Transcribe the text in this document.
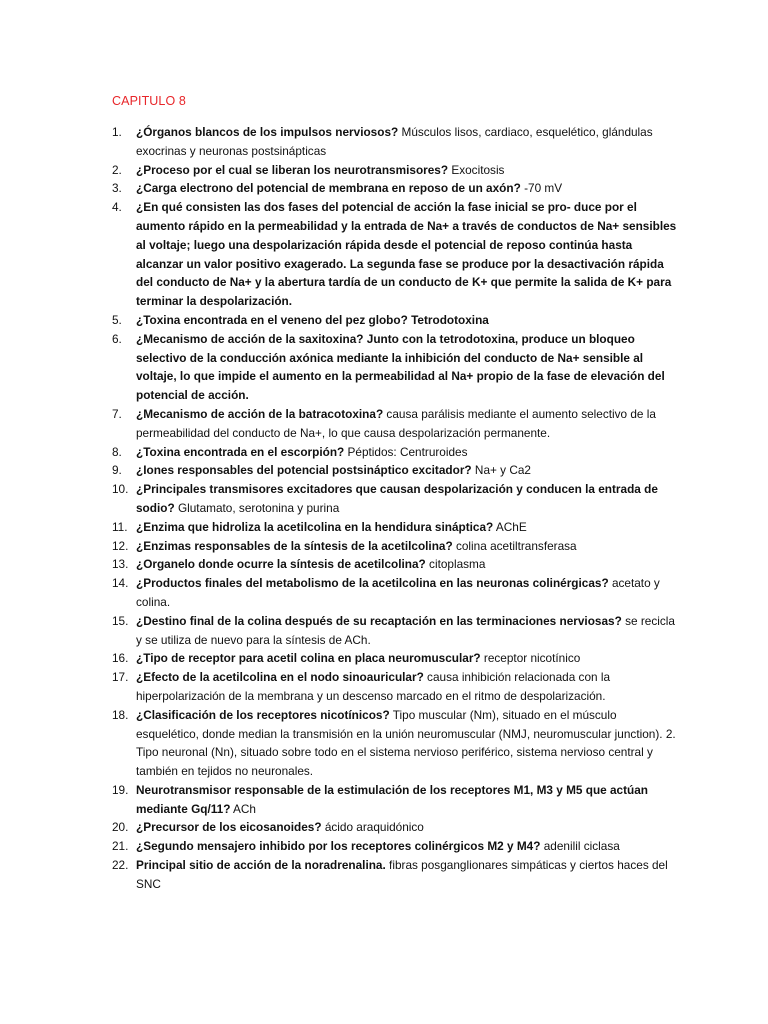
CAPITULO 8
1. ¿Órganos blancos de los impulsos nerviosos? Músculos lisos, cardiaco, esquelético, glándulas exocrinas y neuronas postsinápticas
2. ¿Proceso por el cual se liberan los neurotransmisores? Exocitosis
3. ¿Carga electrono del potencial de membrana en reposo de un axón? -70 mV
4. ¿En qué consisten las dos fases del potencial de acción la fase inicial se pro- duce por el aumento rápido en la permeabilidad y la entrada de Na+ a través de conductos de Na+ sensibles al voltaje; luego una despolarización rápida desde el potencial de reposo continúa hasta alcanzar un valor positivo exagerado. La segunda fase se produce por la desactivación rápida del conducto de Na+ y la abertura tardía de un conducto de K+ que permite la salida de K+ para terminar la despolarización.
5. ¿Toxina encontrada en el veneno del pez globo? Tetrodotoxina
6. ¿Mecanismo de acción de la saxitoxina? Junto con la tetrodotoxina, produce un bloqueo selectivo de la conducción axónica mediante la inhibición del conducto de Na+ sensible al voltaje, lo que impide el aumento en la permeabilidad al Na+ propio de la fase de elevación del potencial de acción.
7. ¿Mecanismo de acción de la batracotoxina? causa parálisis mediante el aumento selectivo de la permeabilidad del conducto de Na+, lo que causa despolarización permanente.
8. ¿Toxina encontrada en el escorpión? Péptidos: Centruroides
9. ¿Iones responsables del potencial postsináptico excitador? Na+ y Ca2
10. ¿Principales transmisores excitadores que causan despolarización y conducen la entrada de sodio? Glutamato, serotonina y purina
11. ¿Enzima que hidroliza la acetilcolina en la hendidura sináptica? AChE
12. ¿Enzimas responsables de la síntesis de la acetilcolina? colina acetiltransferasa
13. ¿Organelo donde ocurre la síntesis de acetilcolina? citoplasma
14. ¿Productos finales del metabolismo de la acetilcolina en las neuronas colinérgicas? acetato y colina.
15. ¿Destino final de la colina después de su recaptación en las terminaciones nerviosas? se recicla y se utiliza de nuevo para la síntesis de ACh.
16. ¿Tipo de receptor para acetil colina en placa neuromuscular? receptor nicotínico
17. ¿Efecto de la acetilcolina en el nodo sinoauricular? causa inhibición relacionada con la hiperpolarización de la membrana y un descenso marcado en el ritmo de despolarización.
18. ¿Clasificación de los receptores nicotínicos? Tipo muscular (Nm), situado en el músculo esquelético, donde median la transmisión en la unión neuromuscular (NMJ, neuromuscular junction). 2. Tipo neuronal (Nn), situado sobre todo en el sistema nervioso periférico, sistema nervioso central y también en tejidos no neuronales.
19. Neurotransmisor responsable de la estimulación de los receptores M1, M3 y M5 que actúan mediante Gq/11? ACh
20. ¿Precursor de los eicosanoides? ácido araquidónico
21. ¿Segundo mensajero inhibido por los receptores colinérgicos M2 y M4? adenilil ciclasa
22. Principal sitio de acción de la noradrenalina. fibras posganglionares simpáticas y ciertos haces del SNC
